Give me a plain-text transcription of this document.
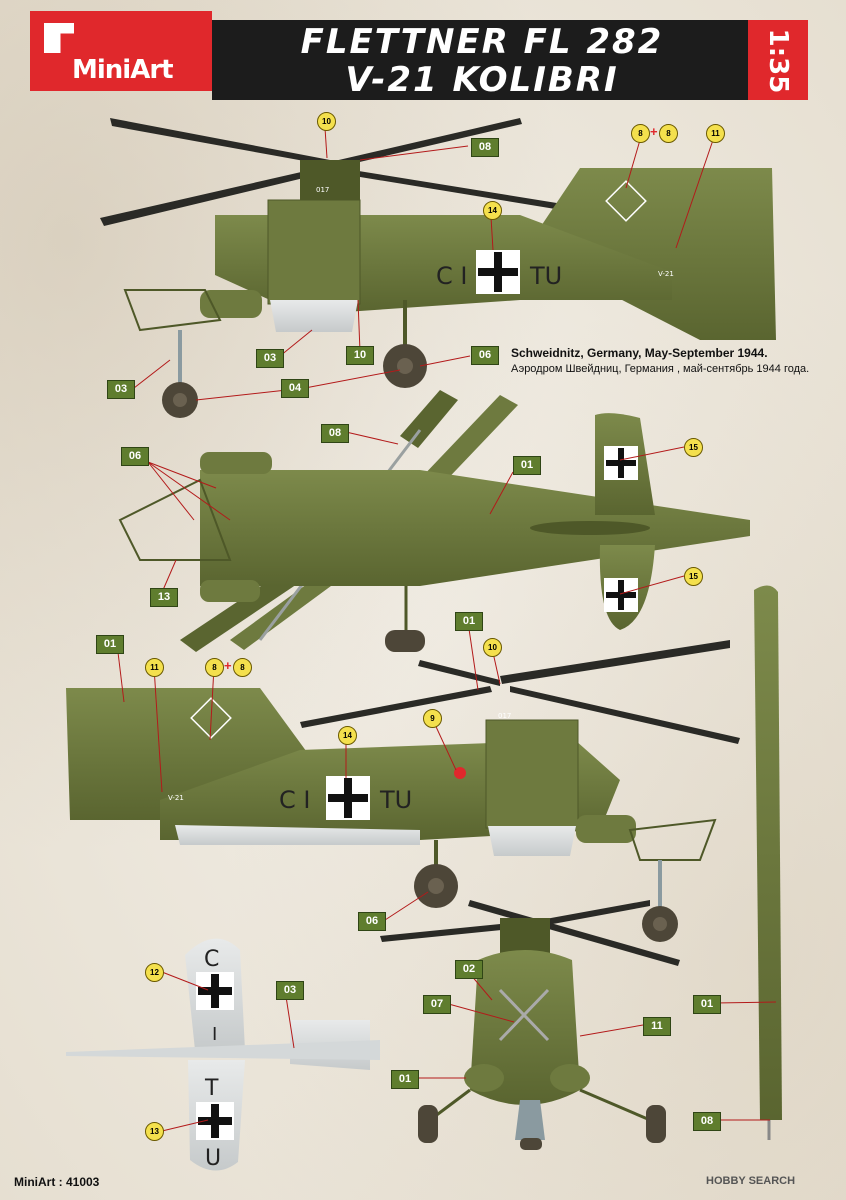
MiniArt
FLETTNER FL 282
V-21 KOLIBRI	1:35
C I	TU	V-21
017
C I	TU
V-21
017
C
I
T
U
10
08
14
8 +	8	11
03	10	06
04
03
Schweidnitz, Germany, May-September 1944.
Аэродром Швейдниц, Германия , май-сентябрь 1944 года.
08
06
01
15
13
15
01
11	8 +	8
01
10
9
14
06
12
03
13
02
07
11
01
01
08
MiniArt : 41003	HOBBY SEARCH
